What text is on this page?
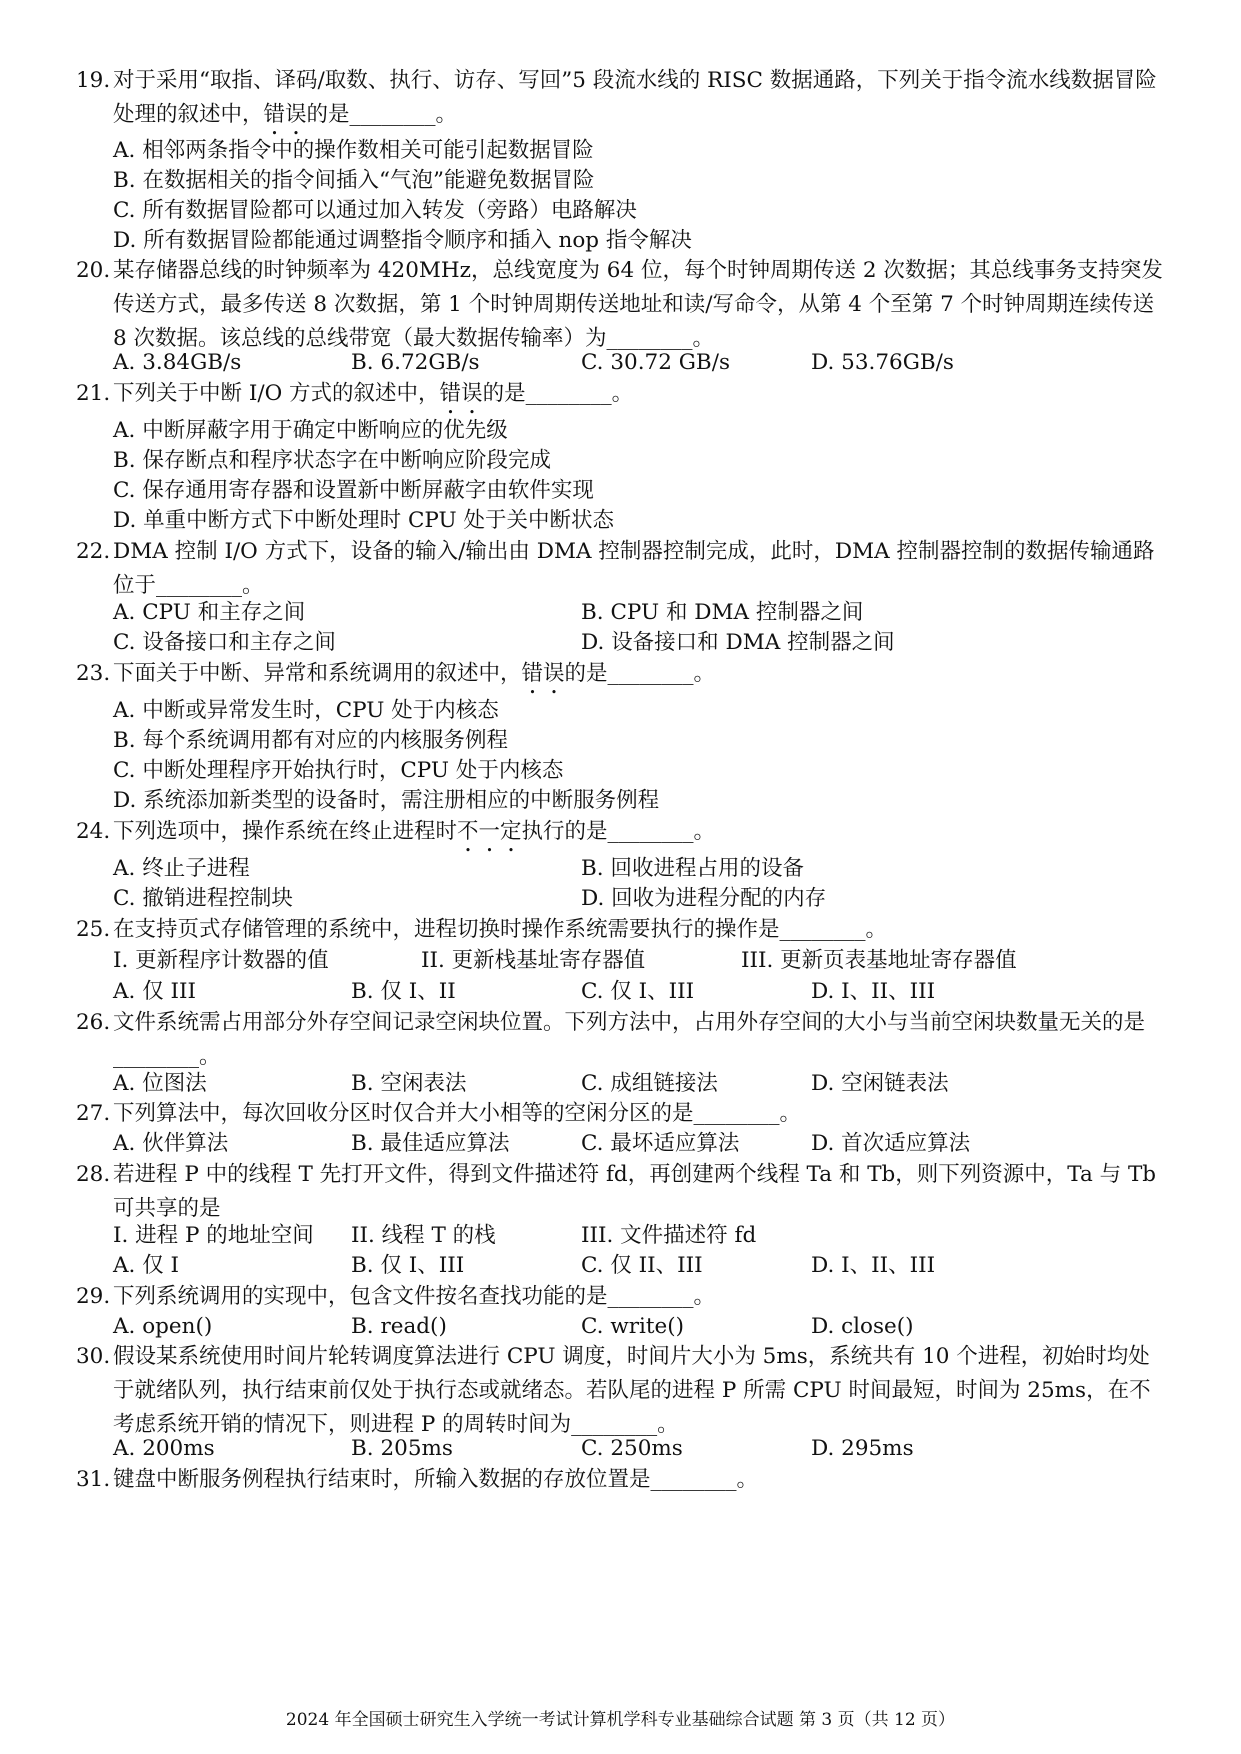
19. 对于采用“取指、译码/取数、执行、访存、写回”5 段流水线的 RISC 数据通路，下列关于指令流水线数据冒险处理的叙述中，错误的是________。
A. 相邻两条指令中的操作数相关可能引起数据冒险
B. 在数据相关的指令间插入“气泡”能避免数据冒险
C. 所有数据冒险都可以通过加入转发（旁路）电路解决
D. 所有数据冒险都能通过调整指令顺序和插入 nop 指令解决
20. 某存储器总线的时钟频率为 420MHz，总线宽度为 64 位，每个时钟周期传送 2 次数据；其总线事务支持突发传送方式，最多传送 8 次数据，第 1 个时钟周期传送地址和读/写命令，从第 4 个至第 7 个时钟周期连续传送 8 次数据。该总线的总线带宽（最大数据传输率）为________。
A. 3.84GB/s	B. 6.72GB/s	C. 30.72 GB/s	D. 53.76GB/s
21. 下列关于中断 I/O 方式的叙述中，错误的是________。
A. 中断屏蔽字用于确定中断响应的优先级
B. 保存断点和程序状态字在中断响应阶段完成
C. 保存通用寄存器和设置新中断屏蔽字由软件实现
D. 单重中断方式下中断处理时 CPU 处于关中断状态
22. DMA 控制 I/O 方式下，设备的输入/输出由 DMA 控制器控制完成，此时，DMA 控制器控制的数据传输通路位于________。
A. CPU 和主存之间	B. CPU 和 DMA 控制器之间
C. 设备接口和主存之间	D. 设备接口和 DMA 控制器之间
23. 下面关于中断、异常和系统调用的叙述中，错误的是________。
A. 中断或异常发生时，CPU 处于内核态
B. 每个系统调用都有对应的内核服务例程
C. 中断处理程序开始执行时，CPU 处于内核态
D. 系统添加新类型的设备时，需注册相应的中断服务例程
24. 下列选项中，操作系统在终止进程时不一定执行的是________。
A. 终止子进程	B. 回收进程占用的设备
C. 撤销进程控制块	D. 回收为进程分配的内存
25. 在支持页式存储管理的系统中，进程切换时操作系统需要执行的操作是________。
I. 更新程序计数器的值	II. 更新栈基址寄存器值	III. 更新页表基地址寄存器值
A. 仅 III	B. 仅 I、II	C. 仅 I、III	D. I、II、III
26. 文件系统需占用部分外存空间记录空闲块位置。下列方法中，占用外存空间的大小与当前空闲块数量无关的是________。
A. 位图法	B. 空闲表法	C. 成组链接法	D. 空闲链表法
27. 下列算法中，每次回收分区时仅合并大小相等的空闲分区的是________。
A. 伙伴算法	B. 最佳适应算法	C. 最坏适应算法	D. 首次适应算法
28. 若进程 P 中的线程 T 先打开文件，得到文件描述符 fd，再创建两个线程 Ta 和 Tb，则下列资源中，Ta 与 Tb 可共享的是
I. 进程 P 的地址空间 II. 线程 T 的栈	III. 文件描述符 fd
A. 仅 I	B. 仅 I、III	C. 仅 II、III	D. I、II、III
29. 下列系统调用的实现中，包含文件按名查找功能的是________。
A. open()	B. read()	C. write()	D. close()
30. 假设某系统使用时间片轮转调度算法进行 CPU 调度，时间片大小为 5ms，系统共有 10 个进程，初始时均处于就绪队列，执行结束前仅处于执行态或就绪态。若队尾的进程 P 所需 CPU 时间最短，时间为 25ms，在不考虑系统开销的情况下，则进程 P 的周转时间为________。
A. 200ms	B. 205ms	C. 250ms	D. 295ms
31. 键盘中断服务例程执行结束时，所输入数据的存放位置是________。
2024 年全国硕士研究生入学统一考试计算机学科专业基础综合试题 第 3 页（共 12 页）
